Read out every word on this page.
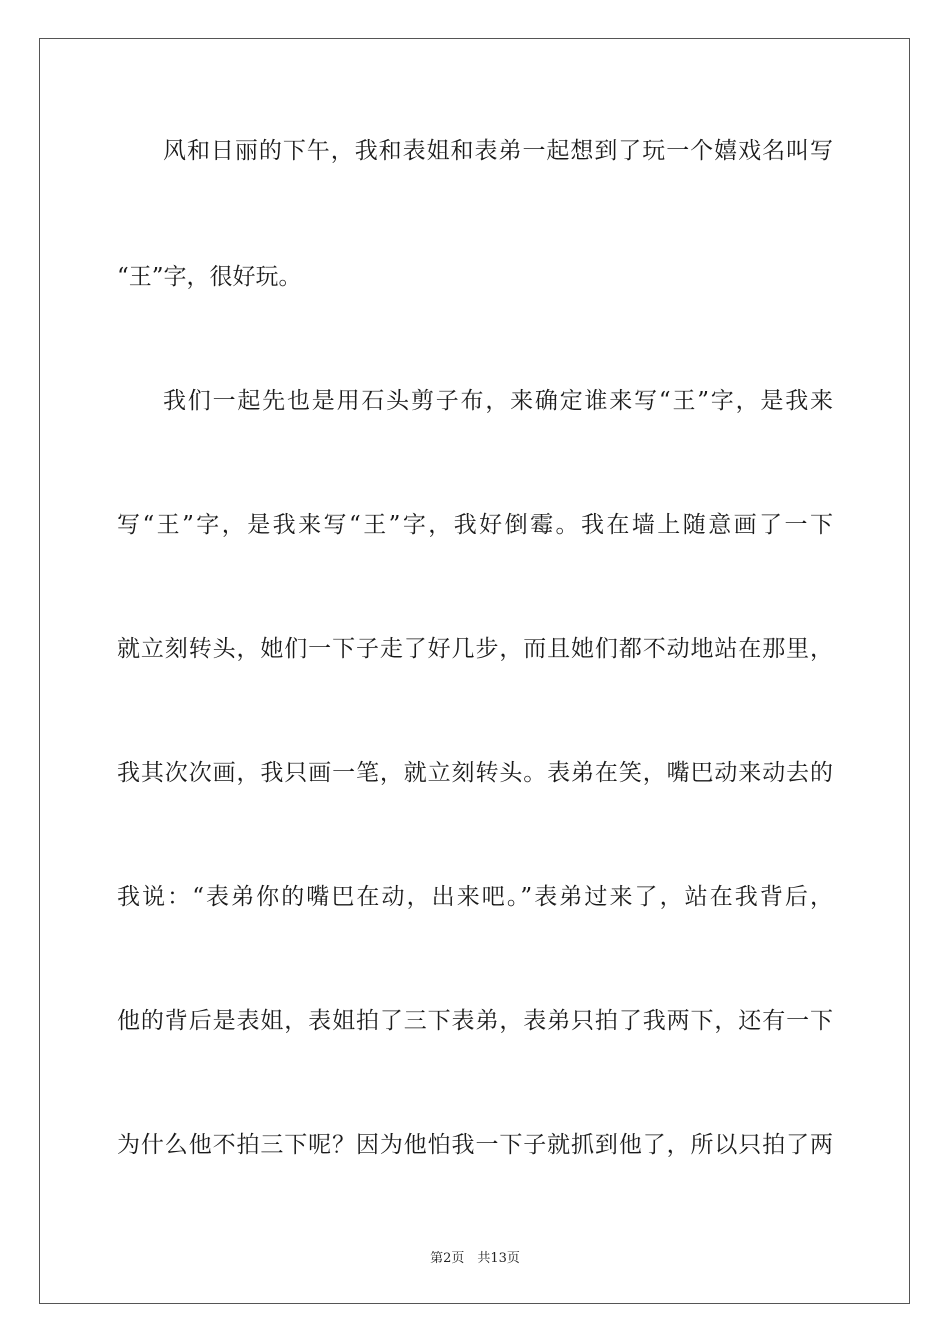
风和日丽的下午，我和表姐和表弟一起想到了玩一个嬉戏名叫写
“王”字，很好玩。
我们一起先也是用石头剪子布，来确定谁来写“王”字，是我来
写“王”字，是我来写“王”字，我好倒霉。我在墙上随意画了一下
就立刻转头，她们一下子走了好几步，而且她们都不动地站在那里，
我其次次画，我只画一笔，就立刻转头。表弟在笑，嘴巴动来动去的
我说：“表弟你的嘴巴在动，出来吧。”表弟过来了，站在我背后，
他的背后是表姐，表姐拍了三下表弟，表弟只拍了我两下，还有一下
为什么他不拍三下呢？因为他怕我一下子就抓到他了，所以只拍了两
第2页　共13页
